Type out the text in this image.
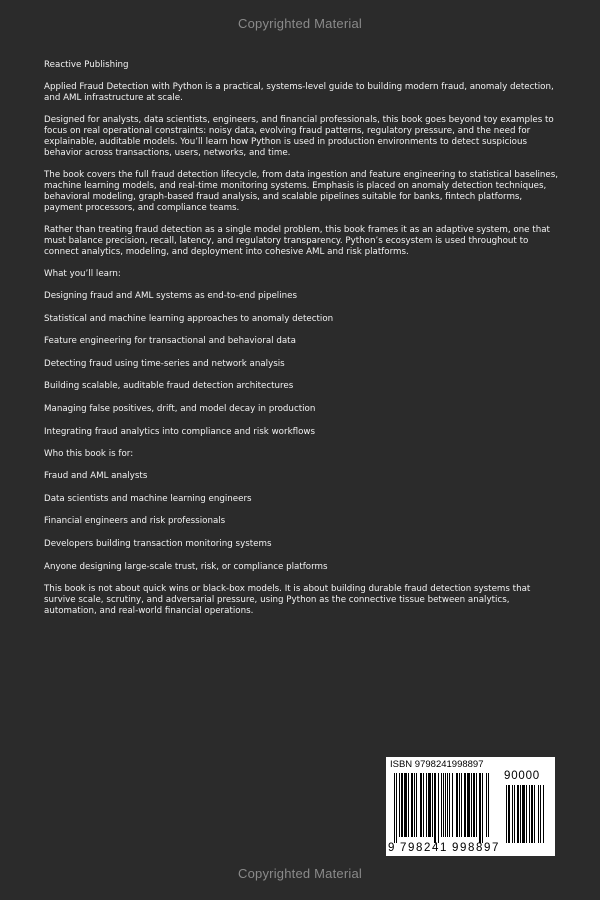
Copyrighted Material

Reactive Publishing

Applied Fraud Detection with Python is a practical, systems-level guide to building modern fraud, anomaly detection, and AML infrastructure at scale.

Designed for analysts, data scientists, engineers, and financial professionals, this book goes beyond toy examples to focus on real operational constraints: noisy data, evolving fraud patterns, regulatory pressure, and the need for explainable, auditable models. You’ll learn how Python is used in production environments to detect suspicious behavior across transactions, users, networks, and time.

The book covers the full fraud detection lifecycle, from data ingestion and feature engineering to statistical baselines, machine learning models, and real-time monitoring systems. Emphasis is placed on anomaly detection techniques, behavioral modeling, graph-based fraud analysis, and scalable pipelines suitable for banks, fintech platforms, payment processors, and compliance teams.

Rather than treating fraud detection as a single model problem, this book frames it as an adaptive system, one that must balance precision, recall, latency, and regulatory transparency. Python’s ecosystem is used throughout to connect analytics, modeling, and deployment into cohesive AML and risk platforms.

What you’ll learn:

Designing fraud and AML systems as end-to-end pipelines

Statistical and machine learning approaches to anomaly detection

Feature engineering for transactional and behavioral data

Detecting fraud using time-series and network analysis

Building scalable, auditable fraud detection architectures

Managing false positives, drift, and model decay in production

Integrating fraud analytics into compliance and risk workflows

Who this book is for:

Fraud and AML analysts

Data scientists and machine learning engineers

Financial engineers and risk professionals

Developers building transaction monitoring systems

Anyone designing large-scale trust, risk, or compliance platforms

This book is not about quick wins or black-box models. It is about building durable fraud detection systems that survive scale, scrutiny, and adversarial pressure, using Python as the connective tissue between analytics, automation, and real-world financial operations.

ISBN 9798241998897
90000
9 798241 998897
Copyrighted Material
